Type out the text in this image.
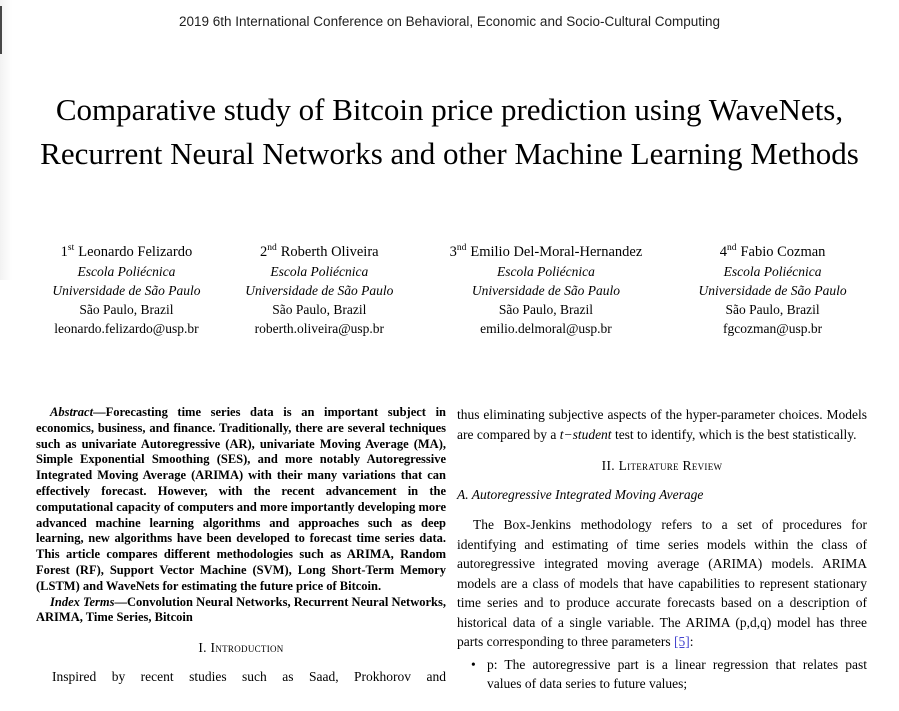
2019 6th International Conference on Behavioral, Economic and Socio-Cultural Computing
Comparative study of Bitcoin price prediction using WaveNets, Recurrent Neural Networks and other Machine Learning Methods
1st Leonardo Felizardo
Escola Poliécnica
Universidade de São Paulo
São Paulo, Brazil
leonardo.felizardo@usp.br
2nd Roberth Oliveira
Escola Poliécnica
Universidade de São Paulo
São Paulo, Brazil
roberth.oliveira@usp.br
3nd Emilio Del-Moral-Hernandez
Escola Poliécnica
Universidade de São Paulo
São Paulo, Brazil
emilio.delmoral@usp.br
4nd Fabio Cozman
Escola Poliécnica
Universidade de São Paulo
São Paulo, Brazil
fgcozman@usp.br

Abstract—Forecasting time series data is an important subject in economics, business, and finance. Traditionally, there are several techniques such as univariate Autoregressive (AR), univariate Moving Average (MA), Simple Exponential Smoothing (SES), and more notably Autoregressive Integrated Moving Average (ARIMA) with their many variations that can effectively forecast. However, with the recent advancement in the computational capacity of computers and more importantly developing more advanced machine learning algorithms and approaches such as deep learning, new algorithms have been developed to forecast time series data. This article compares different methodologies such as ARIMA, Random Forest (RF), Support Vector Machine (SVM), Long Short-Term Memory (LSTM) and WaveNets for estimating the future price of Bitcoin.

Index Terms—Convolution Neural Networks, Recurrent Neural Networks, ARIMA, Time Series, Bitcoin

I. Introduction

Inspired by recent studies such as Saad, Prokhorov and

thus eliminating subjective aspects of the hyper-parameter choices. Models are compared by a t−student test to identify, which is the best statistically.

II. Literature Review
A. Autoregressive Integrated Moving Average

The Box-Jenkins methodology refers to a set of procedures for identifying and estimating of time series models within the class of autoregressive integrated moving average (ARIMA) models. ARIMA models are a class of models that have capabilities to represent stationary time series and to produce accurate forecasts based on a description of historical data of a single variable. The ARIMA (p,d,q) model has three parts corresponding to three parameters [5]:

• p: The autoregressive part is a linear regression that relates past values of data series to future values;
